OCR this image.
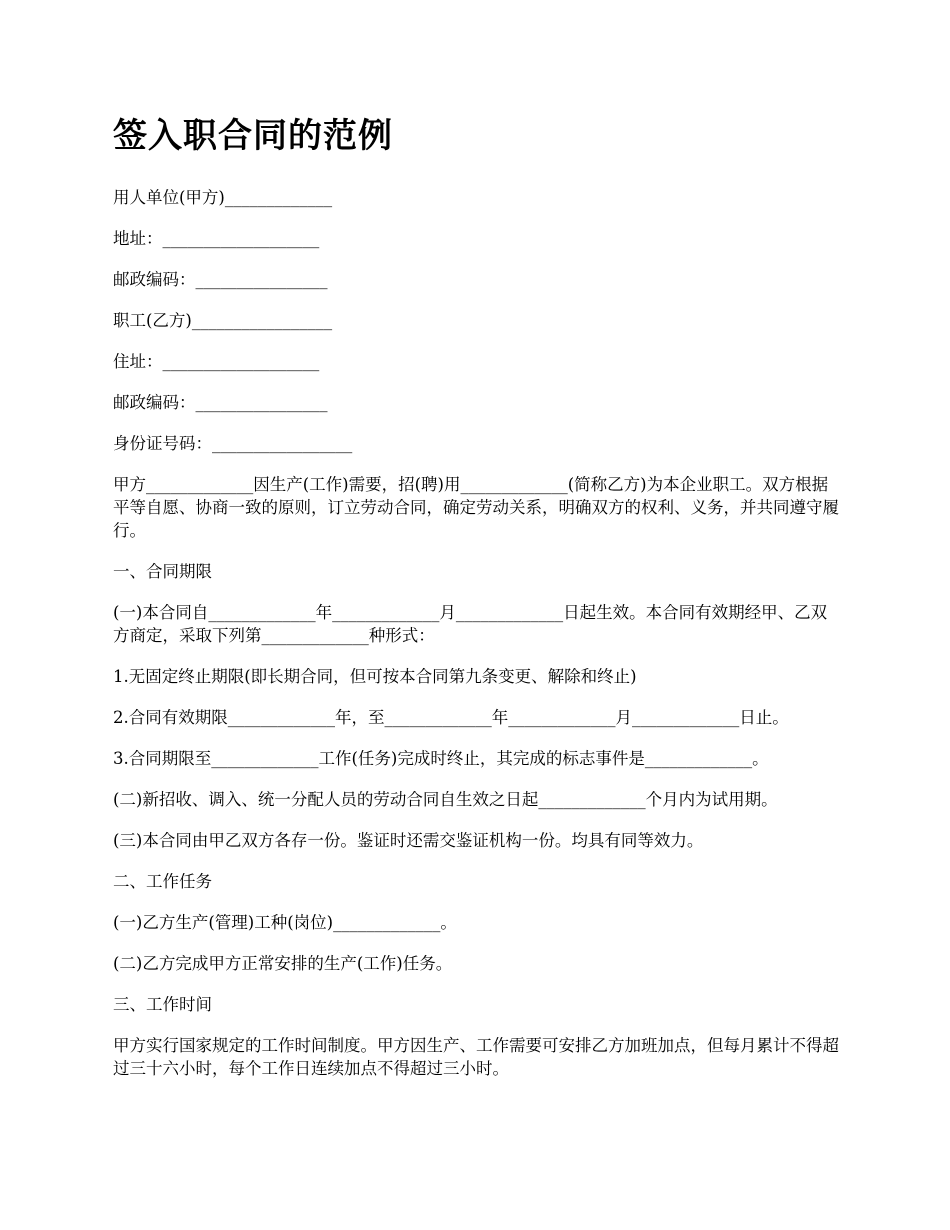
签入职合同的范例

用人单位(甲方)_____________

地址：___________________

邮政编码：________________

职工(乙方)_________________

住址：___________________

邮政编码：________________

身份证号码：_________________

甲方_____________因生产(工作)需要，招(聘)用_____________(简称乙方)为本企业职工。双方根据平等自愿、协商一致的原则，订立劳动合同，确定劳动关系，明确双方的权利、义务，并共同遵守履行。

一、合同期限

(一)本合同自_____________年_____________月_____________日起生效。本合同有效期经甲、乙双方商定，采取下列第_____________种形式：

1.无固定终止期限(即长期合同，但可按本合同第九条变更、解除和终止)

2.合同有效期限_____________年，至_____________年_____________月_____________日止。

3.合同期限至_____________工作(任务)完成时终止，其完成的标志事件是_____________。

(二)新招收、调入、统一分配人员的劳动合同自生效之日起_____________个月内为试用期。

(三)本合同由甲乙双方各存一份。鉴证时还需交鉴证机构一份。均具有同等效力。

二、工作任务

(一)乙方生产(管理)工种(岗位)_____________。

(二)乙方完成甲方正常安排的生产(工作)任务。

三、工作时间

甲方实行国家规定的工作时间制度。甲方因生产、工作需要可安排乙方加班加点，但每月累计不得超过三十六小时，每个工作日连续加点不得超过三小时。
